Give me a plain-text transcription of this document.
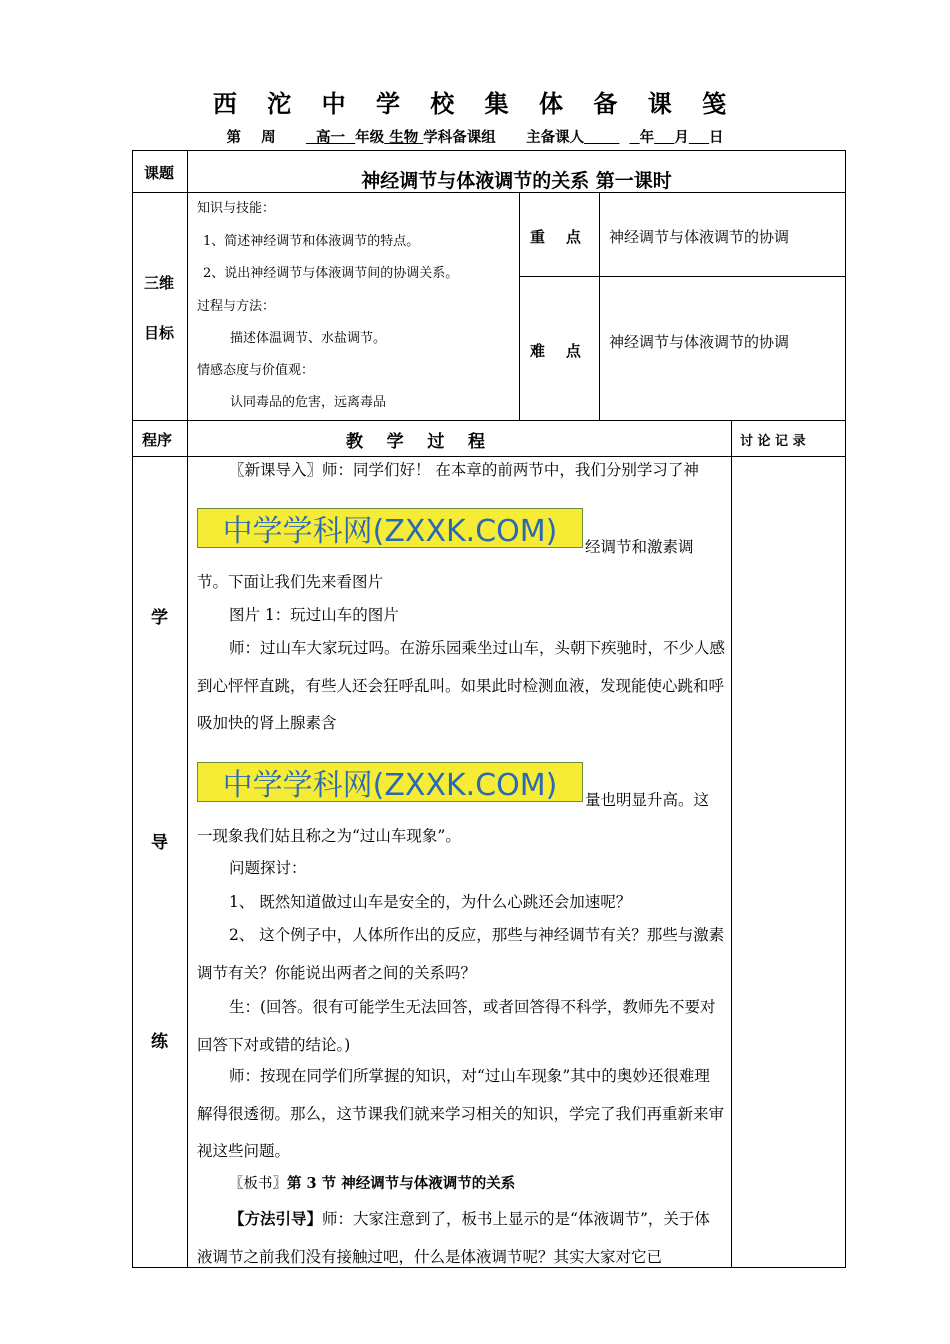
西 沱 中 学 校 集 体 备 课 笺
第    周	高一 年级 生物 学科备课组 主备课人	年 月 日
课题	神经调节与体液调节的关系 第一课时
三维
目标
知识与技能：
1、简述神经调节和体液调节的特点。
2、说出神经调节与体液调节间的协调关系。
过程与方法：
描述体温调节、水盐调节。
情感态度与价值观：
认同毒品的危害，远离毒品
重    点 神经调节与体液调节的协调
难    点 神经调节与体液调节的协调
程序	教    学    过    程	讨 论 记 录
学
导
练
〖新课导入〗师：同学们好！ 在本章的前两节中，我们分别学习了神
中学学科网(ZXXK.COM)	经调节和激素调
节。下面让我们先来看图片
图片 1：玩过山车的图片
师：过山车大家玩过吗。在游乐园乘坐过山车，头朝下疾驰时，不少人感到心怦怦直跳，有些人还会狂呼乱叫。如果此时检测血液，发现能使心跳和呼吸加快的肾上腺素含
中学学科网(ZXXK.COM)	量也明显升高。这
一现象我们姑且称之为“过山车现象”。
问题探讨：
1、 既然知道做过山车是安全的，为什么心跳还会加速呢？
2、 这个例子中，人体所作出的反应，那些与神经调节有关？那些与激素调节有关？你能说出两者之间的关系吗？
生：(回答。很有可能学生无法回答，或者回答得不科学，教师先不要对回答下对或错的结论。)
师：按现在同学们所掌握的知识，对“过山车现象”其中的奥妙还很难理解得很透彻。那么，这节课我们就来学习相关的知识，学完了我们再重新来审视这些问题。
〖板书〗第 3 节 神经调节与体液调节的关系
【方法引导】师：大家注意到了，板书上显示的是“体液调节”，关于体液调节之前我们没有接触过吧，什么是体液调节呢？其实大家对它已
